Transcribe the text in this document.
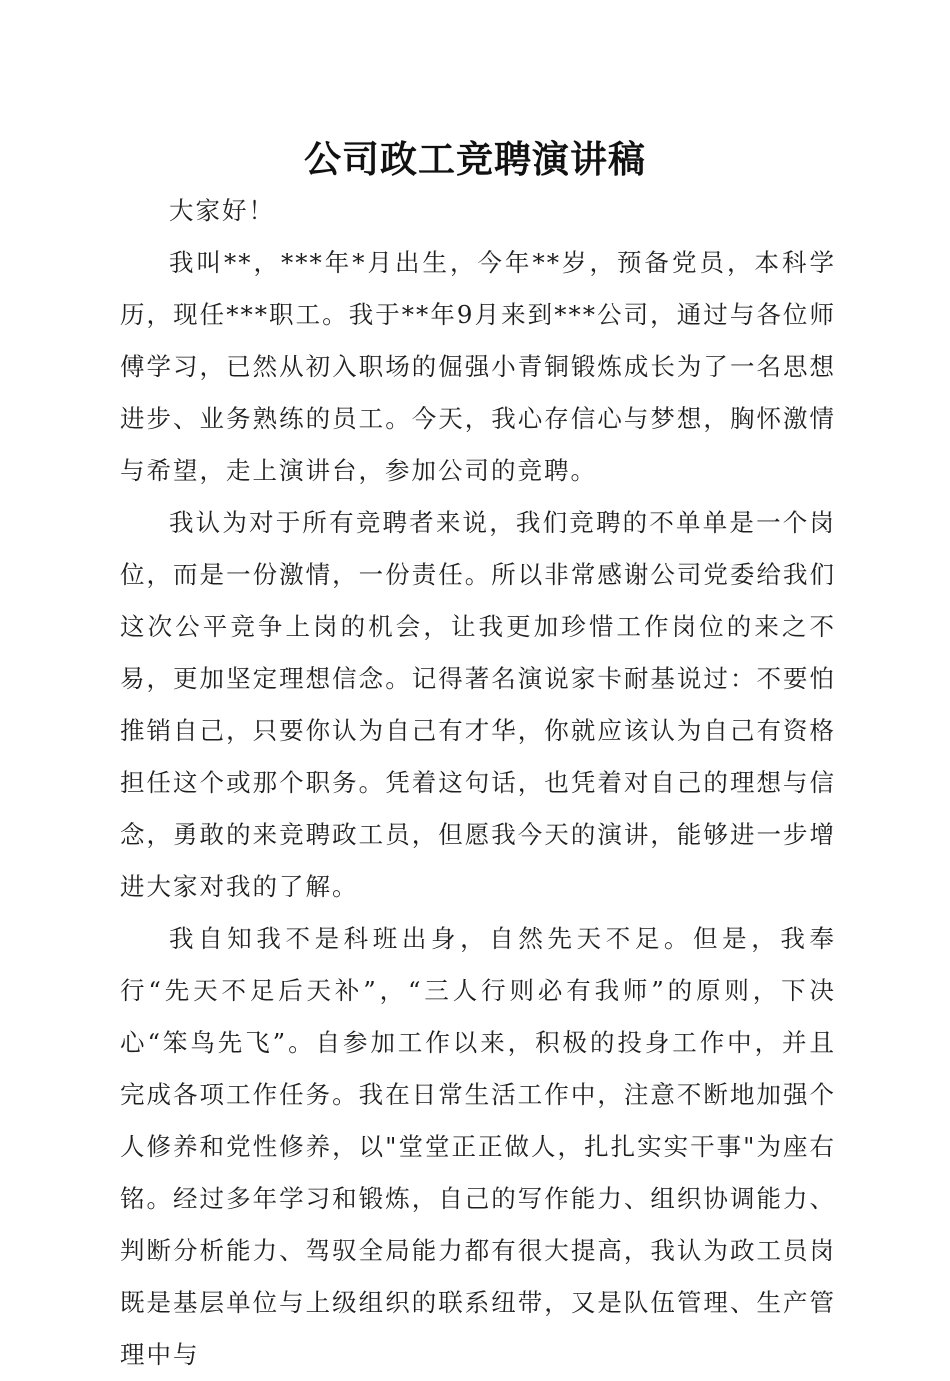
公司政工竞聘演讲稿

大家好！

我叫**，***年*月出生，今年**岁，预备党员，本科学历，现任***职工。我于**年9月来到***公司，通过与各位师傅学习，已然从初入职场的倔强小青铜锻炼成长为了一名思想进步、业务熟练的员工。今天，我心存信心与梦想，胸怀激情与希望，走上演讲台，参加公司的竞聘。

我认为对于所有竞聘者来说，我们竞聘的不单单是一个岗位，而是一份激情，一份责任。所以非常感谢公司党委给我们这次公平竞争上岗的机会，让我更加珍惜工作岗位的来之不易，更加坚定理想信念。记得著名演说家卡耐基说过：不要怕推销自己，只要你认为自己有才华，你就应该认为自己有资格担任这个或那个职务。凭着这句话，也凭着对自己的理想与信念，勇敢的来竞聘政工员，但愿我今天的演讲，能够进一步增进大家对我的了解。

我自知我不是科班出身，自然先天不足。但是，我奉行“先天不足后天补”，“三人行则必有我师”的原则，下决心“笨鸟先飞”。自参加工作以来，积极的投身工作中，并且完成各项工作任务。我在日常生活工作中，注意不断地加强个人修养和党性修养，以"堂堂正正做人，扎扎实实干事"为座右铭。经过多年学习和锻炼，自己的写作能力、组织协调能力、判断分析能力、驾驭全局能力都有很大提高，我认为政工员岗既是基层单位与上级组织的联系纽带，又是队伍管理、生产管理中与
